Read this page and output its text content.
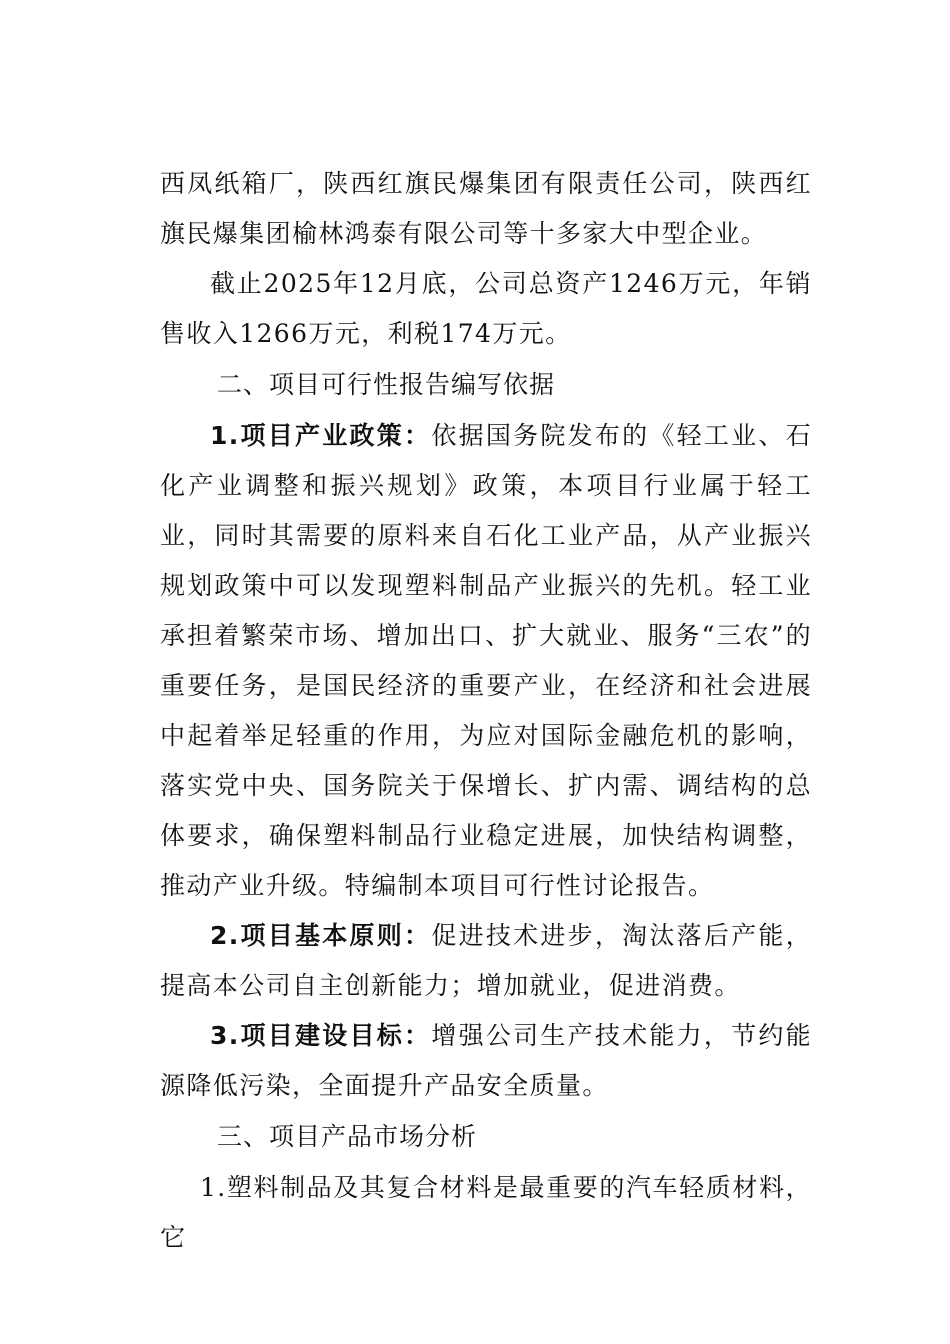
西凤纸箱厂，陕西红旗民爆集团有限责任公司，陕西红旗民爆集团榆林鸿泰有限公司等十多家大中型企业。

截止2025年12月底，公司总资产1246万元，年销售收入1266万元，利税174万元。

二、项目可行性报告编写依据

1.项目产业政策：依据国务院发布的《轻工业、石化产业调整和振兴规划》政策，本项目行业属于轻工业，同时其需要的原料来自石化工业产品，从产业振兴规划政策中可以发现塑料制品产业振兴的先机。轻工业承担着繁荣市场、增加出口、扩大就业、服务“三农”的重要任务，是国民经济的重要产业，在经济和社会进展中起着举足轻重的作用，为应对国际金融危机的影响，落实党中央、国务院关于保增长、扩内需、调结构的总体要求，确保塑料制品行业稳定进展，加快结构调整，推动产业升级。特编制本项目可行性讨论报告。

2.项目基本原则：促进技术进步，淘汰落后产能，提高本公司自主创新能力；增加就业，促进消费。

3.项目建设目标：增强公司生产技术能力，节约能源降低污染，全面提升产品安全质量。

三、项目产品市场分析

1.塑料制品及其复合材料是最重要的汽车轻质材料，它
